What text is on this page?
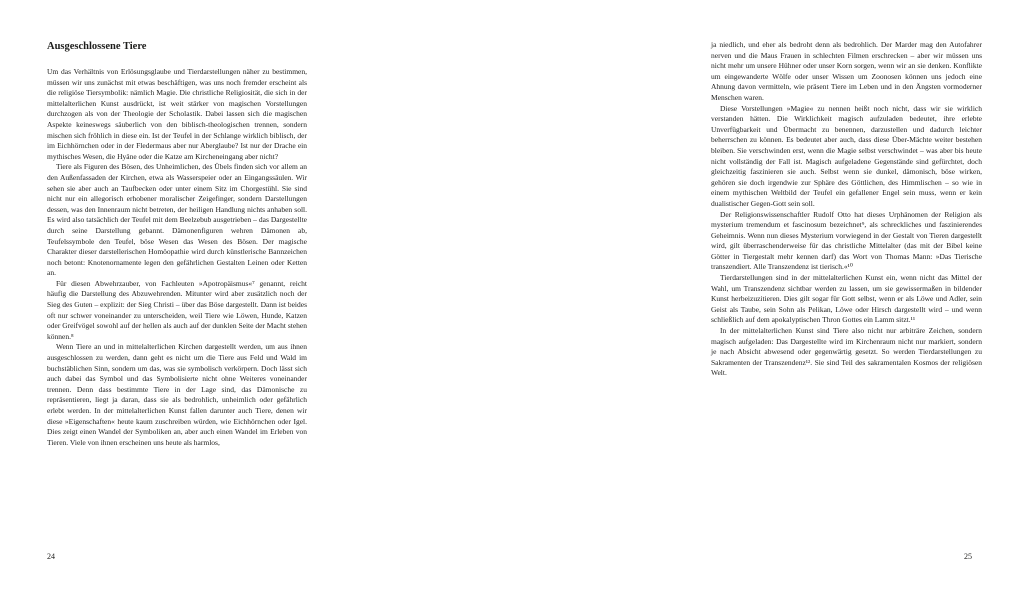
Ausgeschlossene Tiere

Um das Verhältnis von Erlösungsglaube und Tierdarstellungen näher zu bestimmen, müssen wir uns zunächst mit etwas beschäftigen, was uns noch fremder erscheint als die religiöse Tiersymbolik: nämlich Magie. Die christliche Religiosität, die sich in der mittelalterlichen Kunst ausdrückt, ist weit stärker von magischen Vorstellungen durchzogen als von der Theologie der Scholastik. Dabei lassen sich die magischen Aspekte keineswegs säuberlich von den biblisch-theologischen trennen, sondern mischen sich fröhlich in diese ein. Ist der Teufel in der Schlange wirklich biblisch, der im Eichhörnchen oder in der Fledermaus aber nur Aberglaube? Ist nur der Drache ein mythisches Wesen, die Hyäne oder die Katze am Kircheneingang aber nicht?

Tiere als Figuren des Bösen, des Unheimlichen, des Übels finden sich vor allem an den Außenfassaden der Kirchen, etwa als Wasserspeier oder an Eingangssäulen. Wir sehen sie aber auch an Taufbecken oder unter einem Sitz im Chorgestühl. Sie sind nicht nur ein allegorisch erhobener moralischer Zeigefinger, sondern Darstellungen dessen, was den Innenraum nicht betreten, der heiligen Handlung nichts anhaben soll. Es wird also tatsächlich der Teufel mit dem Beelzebub ausgetrieben – das Dargestellte durch seine Darstellung gebannt. Dämonenfiguren wehren Dämonen ab, Teufelssymbole den Teufel, böse Wesen das Wesen des Bösen. Der magische Charakter dieser darstellerischen Homöopathie wird durch künstlerische Bannzeichen noch betont: Knotenornamente legen den gefährlichen Gestalten Leinen oder Ketten an.

Für diesen Abwehrzauber, von Fachleuten »Apotropäismus«⁷ genannt, reicht häufig die Darstellung des Abzuwehrenden. Mitunter wird aber zusätzlich noch der Sieg des Guten – explizit: der Sieg Christi – über das Böse dargestellt. Dann ist beides oft nur schwer voneinander zu unterscheiden, weil Tiere wie Löwen, Hunde, Katzen oder Greifvögel sowohl auf der hellen als auch auf der dunklen Seite der Macht stehen können.⁸

Wenn Tiere an und in mittelalterlichen Kirchen dargestellt werden, um aus ihnen ausgeschlossen zu werden, dann geht es nicht um die Tiere aus Feld und Wald im buchstäblichen Sinn, sondern um das, was sie symbolisch verkörpern. Doch lässt sich auch dabei das Symbol und das Symbolisierte nicht ohne Weiteres voneinander trennen. Denn dass bestimmte Tiere in der Lage sind, das Dämonische zu repräsentieren, liegt ja daran, dass sie als bedrohlich, unheimlich oder gefährlich erlebt werden. In der mittelalterlichen Kunst fallen darunter auch Tiere, denen wir diese »Eigenschaften« heute kaum zuschreiben würden, wie Eichhörnchen oder Igel. Dies zeigt einen Wandel der Symboliken an, aber auch einen Wandel im Erleben von Tieren. Viele von ihnen erscheinen uns heute als harmlos,

24

ja niedlich, und eher als bedroht denn als bedrohlich. Der Marder mag den Autofahrer nerven und die Maus Frauen in schlechten Filmen erschrecken – aber wir müssen uns nicht mehr um unsere Hühner oder unser Korn sorgen, wenn wir an sie denken. Konflikte um eingewanderte Wölfe oder unser Wissen um Zoonosen können uns jedoch eine Ahnung davon vermitteln, wie präsent Tiere im Leben und in den Ängsten vormoderner Menschen waren.

Diese Vorstellungen »Magie« zu nennen heißt noch nicht, dass wir sie wirklich verstanden hätten. Die Wirklichkeit magisch aufzuladen bedeutet, ihre erlebte Unverfügbarkeit und Übermacht zu benennen, darzustellen und dadurch leichter beherrschen zu können. Es bedeutet aber auch, dass diese Über-Mächte weiter bestehen bleiben. Sie verschwinden erst, wenn die Magie selbst verschwindet – was aber bis heute nicht vollständig der Fall ist. Magisch aufgeladene Gegenstände sind gefürchtet, doch gleichzeitig faszinieren sie auch. Selbst wenn sie dunkel, dämonisch, böse wirken, gehören sie doch irgendwie zur Sphäre des Göttlichen, des Himmlischen – so wie in einem mythischen Weltbild der Teufel ein gefallener Engel sein muss, wenn er kein dualistischer Gegen-Gott sein soll.

Der Religionswissenschaftler Rudolf Otto hat dieses Urphänomen der Religion als mysterium tremendum et fascinosum bezeichnet⁹, als schreckliches und faszinierendes Geheimnis. Wenn nun dieses Mysterium vorwiegend in der Gestalt von Tieren dargestellt wird, gilt überraschenderweise für das christliche Mittelalter (das mit der Bibel keine Götter in Tiergestalt mehr kennen darf) das Wort von Thomas Mann: »Das Tierische transzendiert. Alle Transzendenz ist tierisch.«¹⁰

Tierdarstellungen sind in der mittelalterlichen Kunst ein, wenn nicht das Mittel der Wahl, um Transzendenz sichtbar werden zu lassen, um sie gewissermaßen in bildender Kunst herbeizuzitieren. Dies gilt sogar für Gott selbst, wenn er als Löwe und Adler, sein Geist als Taube, sein Sohn als Pelikan, Löwe oder Hirsch dargestellt wird – und wenn schließlich auf dem apokalyptischen Thron Gottes ein Lamm sitzt.¹¹

In der mittelalterlichen Kunst sind Tiere also nicht nur arbiträre Zeichen, sondern magisch aufgeladen: Das Dargestellte wird im Kirchenraum nicht nur markiert, sondern je nach Absicht abwesend oder gegenwärtig gesetzt. So werden Tierdarstellungen zu Sakramenten der Transzendenz¹². Sie sind Teil des sakramentalen Kosmos der religiösen Welt.

25
